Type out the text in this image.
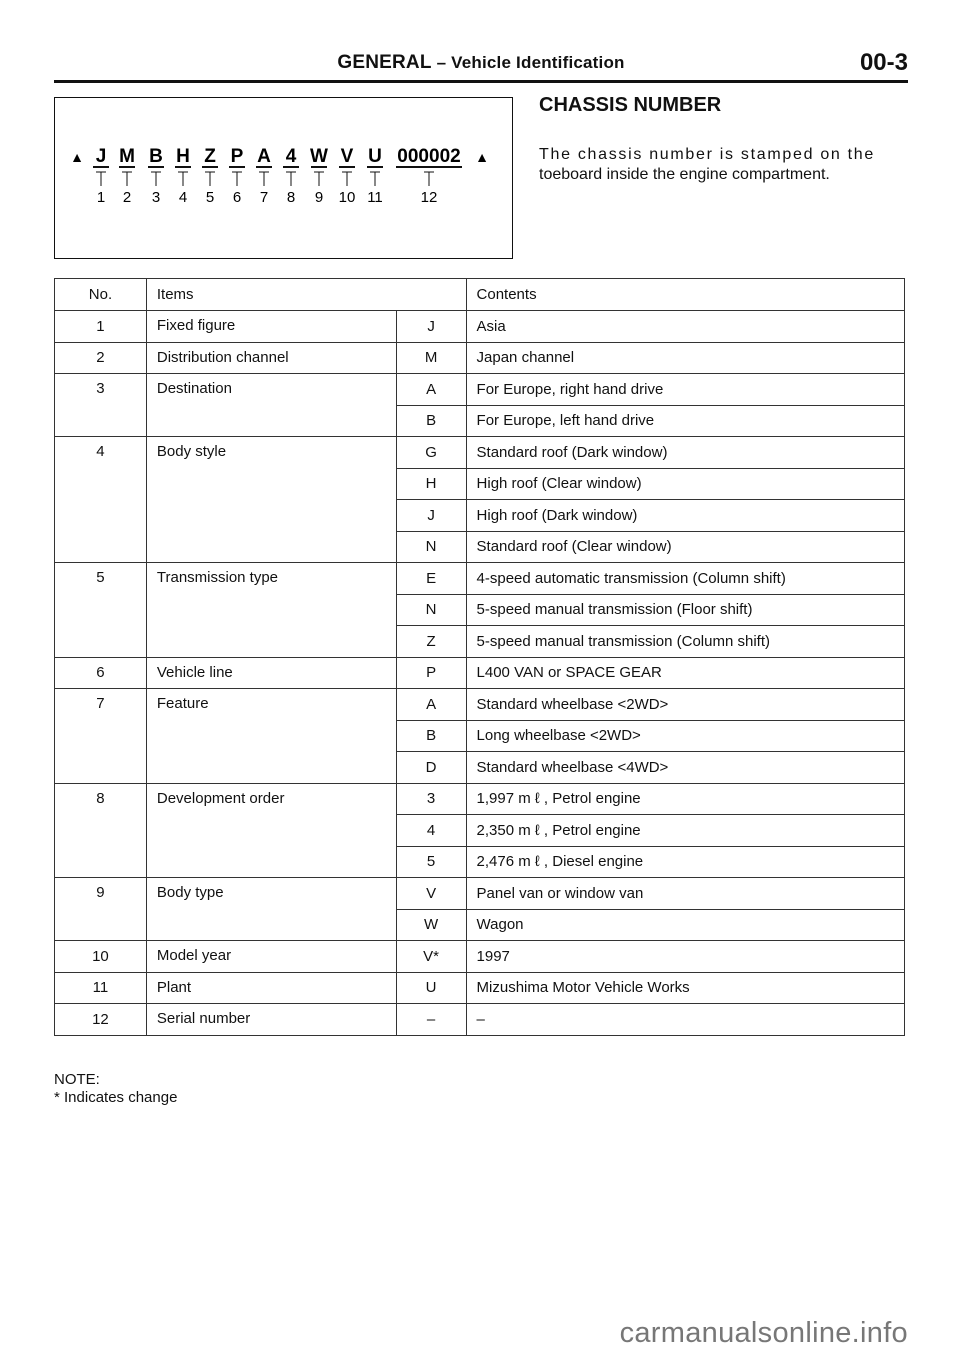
GENERAL – Vehicle Identification	00-3
▲	▲
J
1
M
2
B
3
H
4
Z
5
P
6
A
7
4
8
W
9
V
10
U
11
000002
12
CHASSIS NUMBER
The chassis number is stamped on the
toeboard inside the engine compartment.
No.	Items		Contents
1	Fixed figure	J	Asia
2	Distribution channel	M	Japan channel
3	Destination	A	For Europe, right hand drive
		B	For Europe, left hand drive
4	Body style	G	Standard roof (Dark window)
		H	High roof (Clear window)
		J	High roof (Dark window)
		N	Standard roof (Clear window)
5	Transmission type	E	4-speed automatic transmission (Column shift)
		N	5-speed manual transmission (Floor shift)
		Z	5-speed manual transmission (Column shift)
6	Vehicle line	P	L400 VAN or SPACE GEAR
7	Feature	A	Standard wheelbase <2WD>
		B	Long wheelbase <2WD>
		D	Standard wheelbase <4WD>
8	Development order	3	1,997 m ℓ , Petrol engine
		4	2,350 m ℓ , Petrol engine
		5	2,476 m ℓ , Diesel engine
9	Body type	V	Panel van or window van
		W	Wagon
10	Model year	V*	1997
11	Plant	U	Mizushima Motor Vehicle Works
12	Serial number	–	–
NOTE:
* Indicates change
carmanualsonline.info
